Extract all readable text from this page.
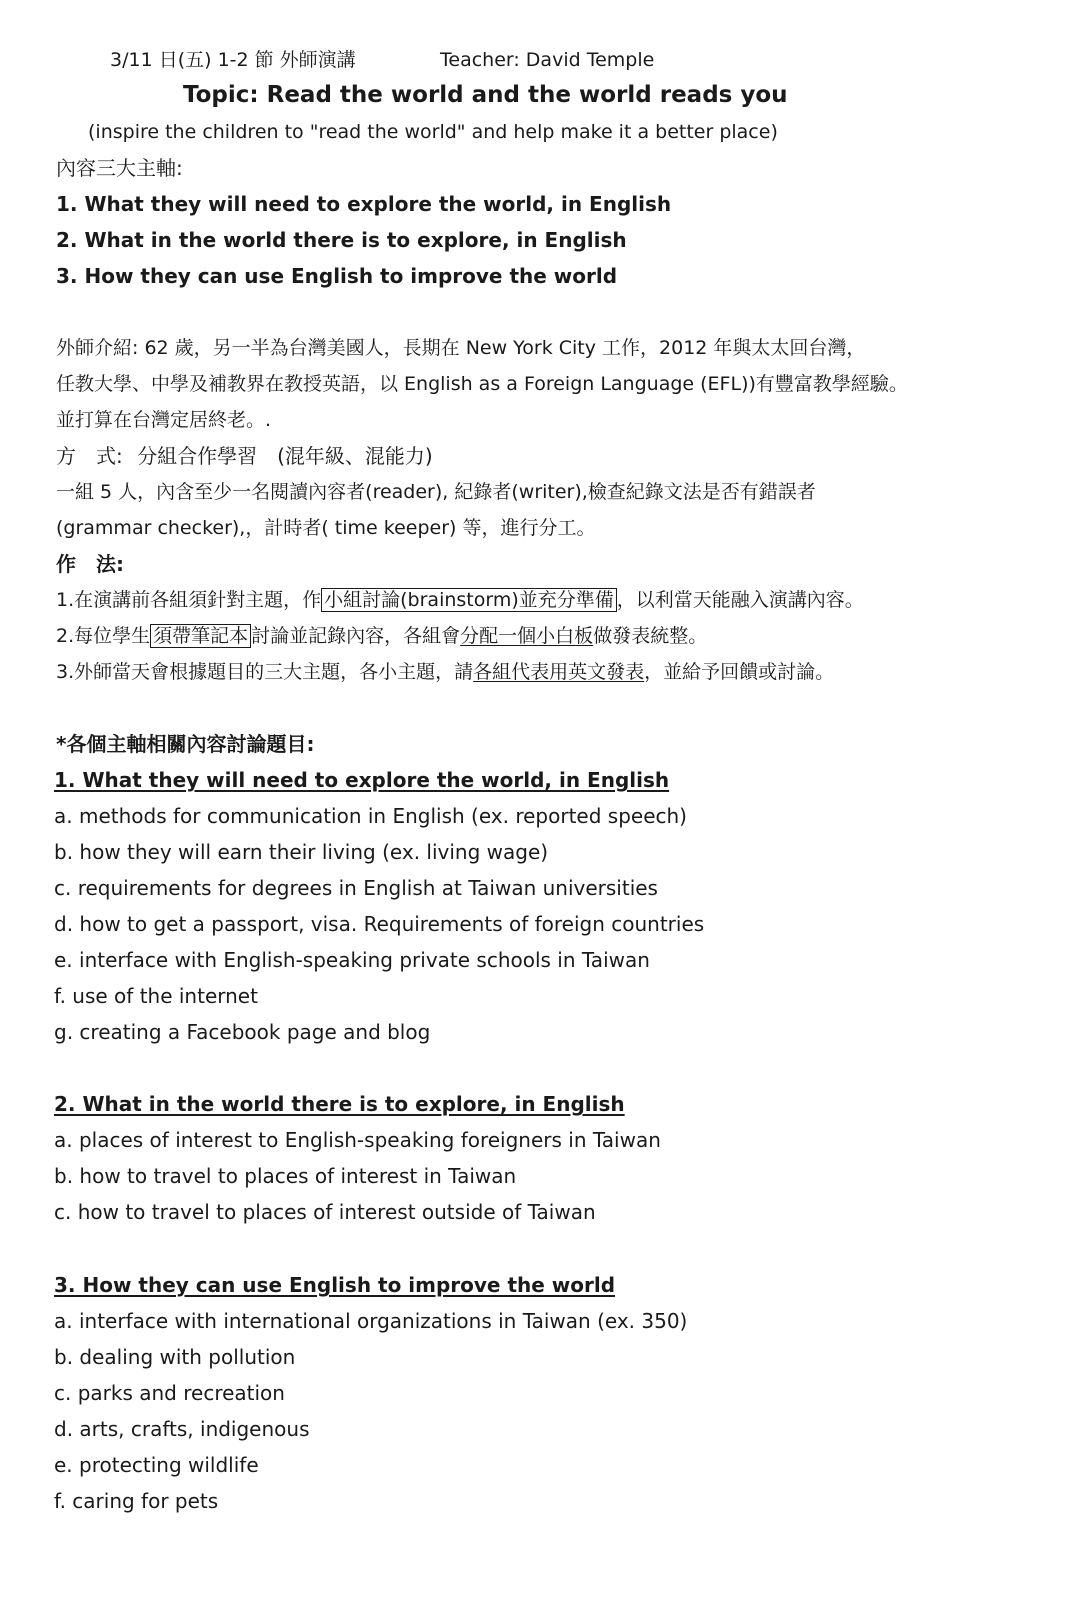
3/11 日(五) 1-2 節 外師演講	Teacher: David Temple
Topic: Read the world and the world reads you
(inspire the children to "read the world" and help make it a better place)
內容三大主軸:
1. What they will need to explore the world, in English
2. What in the world there is to explore, in English
3. How they can use English to improve the world
外師介紹: 62 歲，另一半為台灣美國人，長期在 New York City 工作，2012 年與太太回台灣，
任教大學、中學及補教界在教授英語，以 English as a Foreign Language (EFL))有豐富教學經驗。
並打算在台灣定居終老。.
方　式: 分組合作學習　(混年級、混能力)
一組 5 人，內含至少一名閱讀內容者(reader), 紀錄者(writer),檢查紀錄文法是否有錯誤者
(grammar checker),，計時者( time keeper) 等，進行分工。
作　法:
1.在演講前各組須針對主題，作 小組討論(brainstorm)並充分準備 ，以利當天能融入演講內容。
2.每位學生 須帶筆記本 討論並記錄內容，各組會分配一個小白板做發表統整。
3.外師當天會根據題目的三大主題，各小主題，請各組代表用英文發表，並給予回饋或討論。
*各個主軸相關內容討論題目:
1. What they will need to explore the world, in English
a. methods for communication in English (ex. reported speech)
b. how they will earn their living (ex. living wage)
c. requirements for degrees in English at Taiwan universities
d. how to get a passport, visa. Requirements of foreign countries
e. interface with English-speaking private schools in Taiwan
f. use of the internet
g. creating a Facebook page and blog
2. What in the world there is to explore, in English
a. places of interest to English-speaking foreigners in Taiwan
b. how to travel to places of interest in Taiwan
c. how to travel to places of interest outside of Taiwan
3. How they can use English to improve the world
a. interface with international organizations in Taiwan (ex. 350)
b. dealing with pollution
c. parks and recreation
d. arts, crafts, indigenous
e. protecting wildlife
f. caring for pets
